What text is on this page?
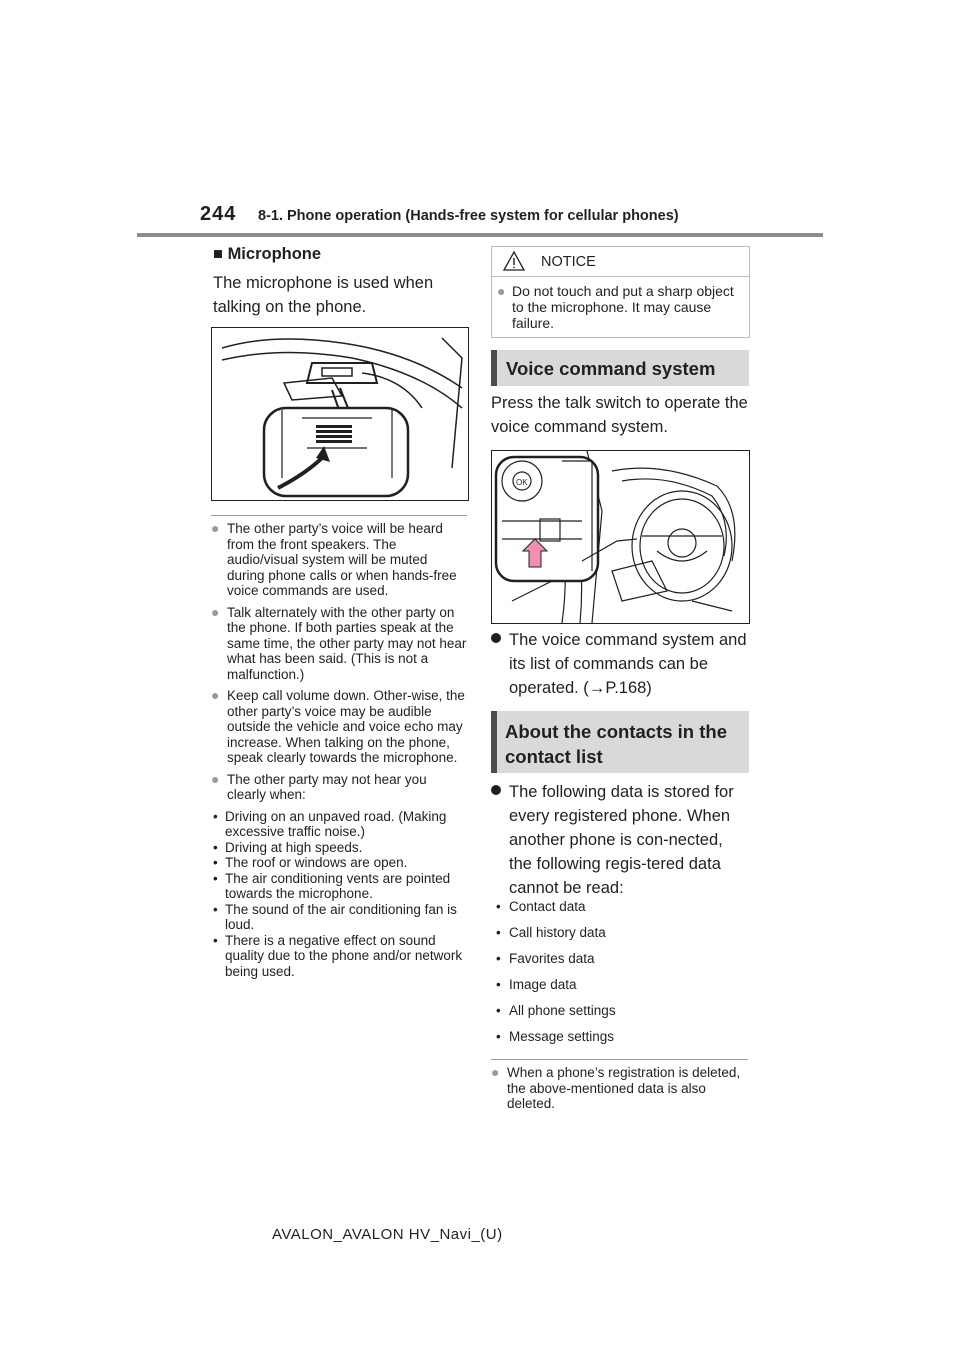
244 8-1. Phone operation (Hands-free system for cellular phones)
■ Microphone
The microphone is used when talking on the phone.
● The other party’s voice will be heard from the front speakers. The audio/visual system will be muted during phone calls or when hands-free voice commands are used.
● Talk alternately with the other party on the phone. If both parties speak at the same time, the other party may not hear what has been said. (This is not a malfunction.)
● Keep call volume down. Other-wise, the other party’s voice may be audible outside the vehicle and voice echo may increase. When talking on the phone, speak clearly towards the microphone.
● The other party may not hear you clearly when:
• Driving on an unpaved road. (Making excessive traffic noise.)
• Driving at high speeds.
• The roof or windows are open.
• The air conditioning vents are pointed towards the microphone.
• The sound of the air conditioning fan is loud.
• There is a negative effect on sound quality due to the phone and/or network being used.
NOTICE
● Do not touch and put a sharp object to the microphone. It may cause failure.
Voice command system
Press the talk switch to operate the voice command system.
OK
The voice command system and its list of commands can be operated. (→P.168)
About the contacts in the contact list
The following data is stored for every registered phone. When another phone is con-nected, the following regis-tered data cannot be read:
• Contact data
• Call history data
• Favorites data
• Image data
• All phone settings
• Message settings
● When a phone’s registration is deleted, the above-mentioned data is also deleted.
AVALON_AVALON HV_Navi_(U)
